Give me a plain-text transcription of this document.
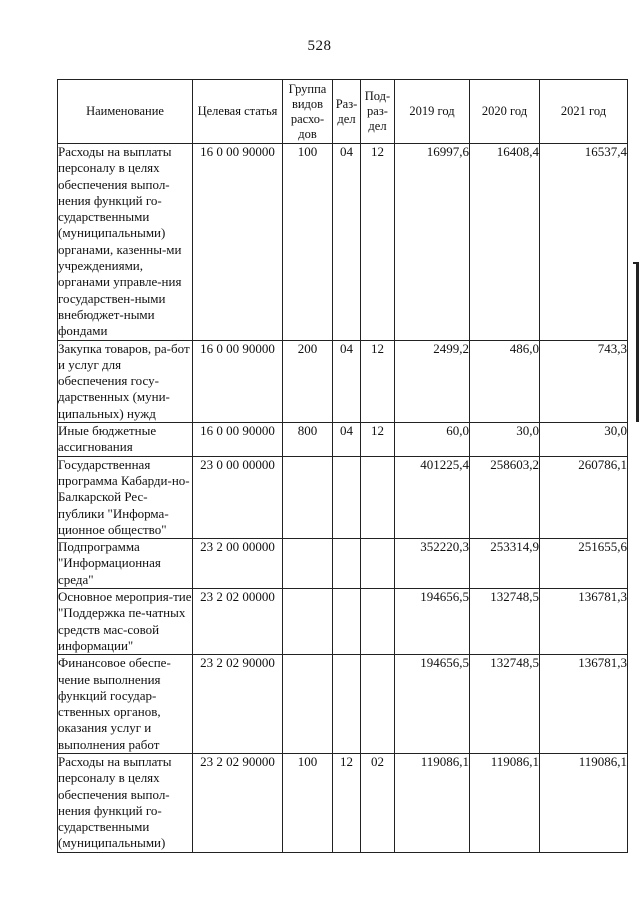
528
Наименование	Целевая статья	Группа видов расхо-дов	Раз-дел	Под-раз-дел	2019 год	2020 год	2021 год
Расходы на выплаты персоналу в целях обеспечения выпол-нения функций го-сударственными (муниципальными) органами, казенны-ми учреждениями, органами управле-ния государствен-ными внебюджет-ными фондами	16 0 00 90000	100	04	12	16997,6	16408,4	16537,4
Закупка товаров, ра-бот и услуг для обеспечения госу-дарственных (муни-ципальных) нужд	16 0 00 90000	200	04	12	2499,2	486,0	743,3
Иные бюджетные ассигнования	16 0 00 90000	800	04	12	60,0	30,0	30,0
Государственная программа Кабарди-но-Балкарской Рес-публики "Информа-ционное общество"	23 0 00 00000				401225,4	258603,2	260786,1
Подпрограмма "Информационная среда"	23 2 00 00000				352220,3	253314,9	251655,6
Основное мероприя-тие "Поддержка пе-чатных средств мас-совой информации"	23 2 02 00000				194656,5	132748,5	136781,3
Финансовое обеспе-чение выполнения функций государ-ственных органов, оказания услуг и выполнения работ	23 2 02 90000				194656,5	132748,5	136781,3
Расходы на выплаты персоналу в целях обеспечения выпол-нения функций го-сударственными (муниципальными)	23 2 02 90000	100	12	02	119086,1	119086,1	119086,1
